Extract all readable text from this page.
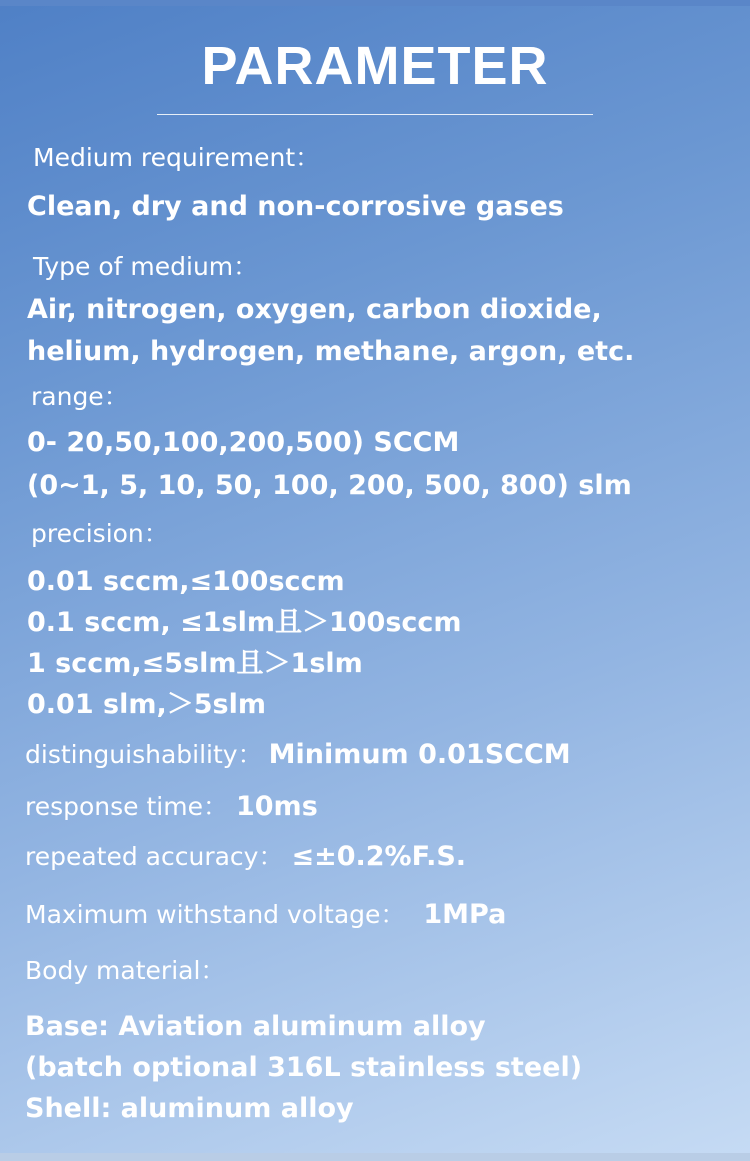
PARAMETER
Medium requirement：
Clean, dry and non-corrosive gases
Type of medium：
Air, nitrogen, oxygen, carbon dioxide,
helium, hydrogen, methane, argon, etc.
range：
0- 20,50,100,200,500) SCCM
(0~1, 5, 10, 50, 100, 200, 500, 800) slm
precision：
0.01 sccm,≤100sccm
0.1 sccm, ≤1slm且＞100sccm
1 sccm,≤5slm且＞1slm
0.01 slm,＞5slm
distinguishability： Minimum 0.01SCCM
response time： 10ms
repeated accuracy： ≤±0.2%F.S.
Maximum withstand voltage： 1MPa
Body material：
Base: Aviation aluminum alloy
(batch optional 316L stainless steel)
Shell: aluminum alloy
